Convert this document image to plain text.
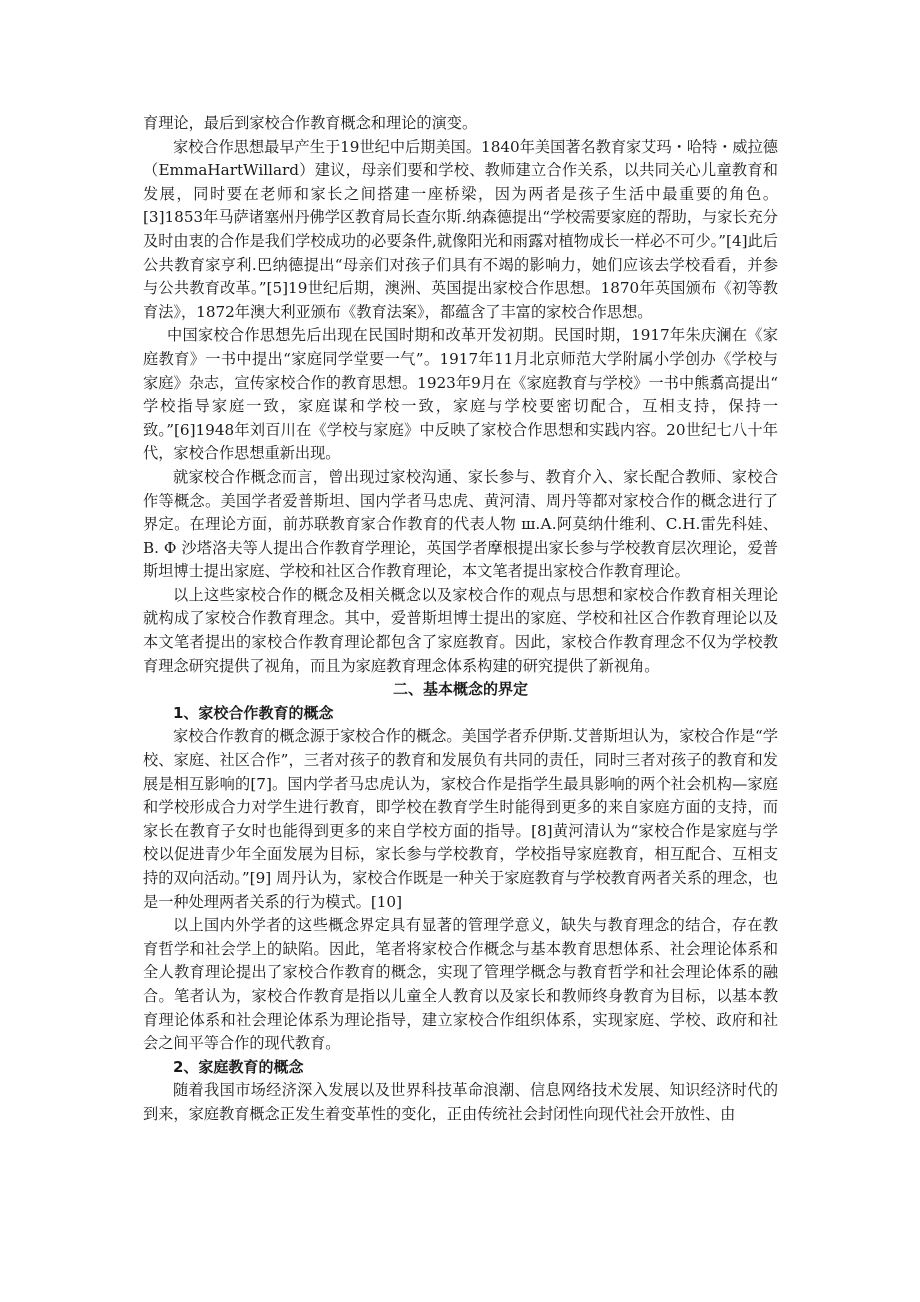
育理论，最后到家校合作教育概念和理论的演变。

家校合作思想最早产生于19世纪中后期美国。1840年美国著名教育家艾玛・哈特・威拉德（EmmaHartWillard）建议，母亲们要和学校、教师建立合作关系，以共同关心儿童教育和发展，同时要在老师和家长之间搭建一座桥梁，因为两者是孩子生活中最重要的角色。[3]1853年马萨诸塞州丹佛学区教育局长查尔斯.纳森德提出“学校需要家庭的帮助，与家长充分及时由衷的合作是我们学校成功的必要条件,就像阳光和雨露对植物成长一样必不可少。”[4]此后公共教育家亨利.巴纳德提出“母亲们对孩子们具有不竭的影响力，她们应该去学校看看，并参与公共教育改革。”[5]19世纪后期，澳洲、英国提出家校合作思想。1870年英国颁布《初等教育法》，1872年澳大利亚颁布《教育法案》，都蕴含了丰富的家校合作思想。

中国家校合作思想先后出现在民国时期和改革开发初期。民国时期，1917年朱庆澜在《家庭教育》一书中提出“家庭同学堂要一气”。1917年11月北京师范大学附属小学创办《学校与家庭》杂志，宣传家校合作的教育思想。1923年9月在《家庭教育与学校》一书中熊翥高提出“ 学校指导家庭一致，家庭谋和学校一致，家庭与学校要密切配合，互相支持，保持一致。”[6]1948年刘百川在《学校与家庭》中反映了家校合作思想和实践内容。20世纪七八十年代，家校合作思想重新出现。

就家校合作概念而言，曾出现过家校沟通、家长参与、教育介入、家长配合教师、家校合作等概念。美国学者爱普斯坦、国内学者马忠虎、黄河清、周丹等都对家校合作的概念进行了界定。在理论方面，前苏联教育家合作教育的代表人物 ш.А.阿莫纳什维利、С.Н.雷先科娃、В. Ф 沙塔洛夫等人提出合作教育学理论，英国学者摩根提出家长参与学校教育层次理论，爱普斯坦博士提出家庭、学校和社区合作教育理论，本文笔者提出家校合作教育理论。

以上这些家校合作的概念及相关概念以及家校合作的观点与思想和家校合作教育相关理论就构成了家校合作教育理念。其中，爱普斯坦博士提出的家庭、学校和社区合作教育理论以及本文笔者提出的家校合作教育理论都包含了家庭教育。因此，家校合作教育理念不仅为学校教育理念研究提供了视角，而且为家庭教育理念体系构建的研究提供了新视角。

二、基本概念的界定

1、家校合作教育的概念

家校合作教育的概念源于家校合作的概念。美国学者乔伊斯.艾普斯坦认为，家校合作是“学校、家庭、社区合作”，三者对孩子的教育和发展负有共同的责任，同时三者对孩子的教育和发展是相互影响的[7]。国内学者马忠虎认为，家校合作是指学生最具影响的两个社会机构—家庭和学校形成合力对学生进行教育，即学校在教育学生时能得到更多的来自家庭方面的支持，而家长在教育子女时也能得到更多的来自学校方面的指导。[8]黄河清认为“家校合作是家庭与学校以促进青少年全面发展为目标，家长参与学校教育，学校指导家庭教育，相互配合、互相支持的双向活动。”[9] 周丹认为，家校合作既是一种关于家庭教育与学校教育两者关系的理念，也是一种处理两者关系的行为模式。[10]

以上国内外学者的这些概念界定具有显著的管理学意义，缺失与教育理念的结合，存在教育哲学和社会学上的缺陷。因此，笔者将家校合作概念与基本教育思想体系、社会理论体系和全人教育理论提出了家校合作教育的概念，实现了管理学概念与教育哲学和社会理论体系的融合。笔者认为，家校合作教育是指以儿童全人教育以及家长和教师终身教育为目标，以基本教育理论体系和社会理论体系为理论指导，建立家校合作组织体系，实现家庭、学校、政府和社会之间平等合作的现代教育。

2、家庭教育的概念

随着我国市场经济深入发展以及世界科技革命浪潮、信息网络技术发展、知识经济时代的到来，家庭教育概念正发生着变革性的变化，正由传统社会封闭性向现代社会开放性、由
